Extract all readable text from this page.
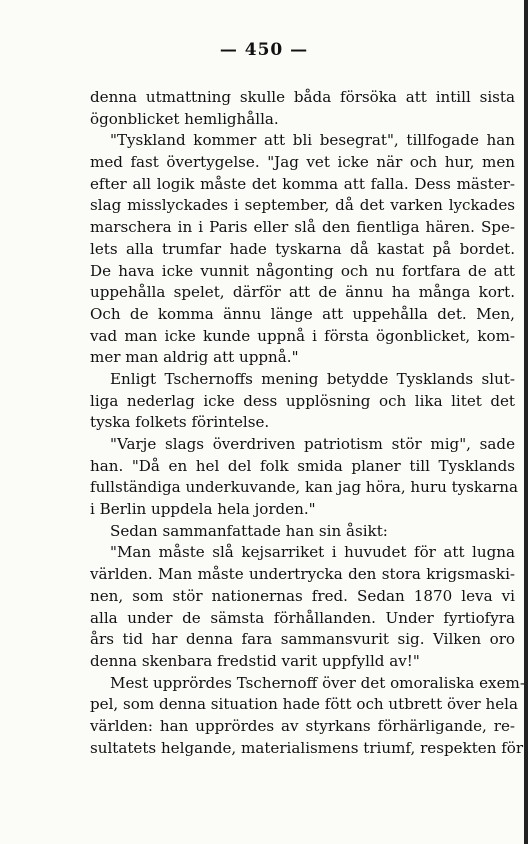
— 450 —
denna utmattning skulle båda försöka att intill sista
ögonblicket hemlighålla.
"Tyskland kommer att bli besegrat", tillfogade han
med fast övertygelse. "Jag vet icke när och hur, men
efter all logik måste det komma att falla. Dess mäster-
slag misslyckades i september, då det varken lyckades
marschera in i Paris eller slå den fientliga hären. Spe-
lets alla trumfar hade tyskarna då kastat på bordet.
De hava icke vunnit någonting och nu fortfara de att
uppehålla spelet, därför att de ännu ha många kort.
Och de komma ännu länge att uppehålla det. Men,
vad man icke kunde uppnå i första ögonblicket, kom-
mer man aldrig att uppnå."
Enligt Tschernoffs mening betydde Tysklands slut-
liga nederlag icke dess upplösning och lika litet det
tyska folkets förintelse.
"Varje slags överdriven patriotism stör mig", sade
han. "Då en hel del folk smida planer till Tysklands
fullständiga underkuvande, kan jag höra, huru tyskarna
i Berlin uppdela hela jorden."
Sedan sammanfattade han sin åsikt:
"Man måste slå kejsarriket i huvudet för att lugna
världen. Man måste undertrycka den stora krigsmaski-
nen, som stör nationernas fred. Sedan 1870 leva vi
alla under de sämsta förhållanden. Under fyrtiofyra
års tid har denna fara sammansvurit sig. Vilken oro
denna skenbara fredstid varit uppfylld av!"
Mest upprördes Tschernoff över det omoraliska exem-
pel, som denna situation hade fött och utbrett över hela
världen: han upprördes av styrkans förhärligande, re-
sultatets helgande, materialismens triumf, respekten för
